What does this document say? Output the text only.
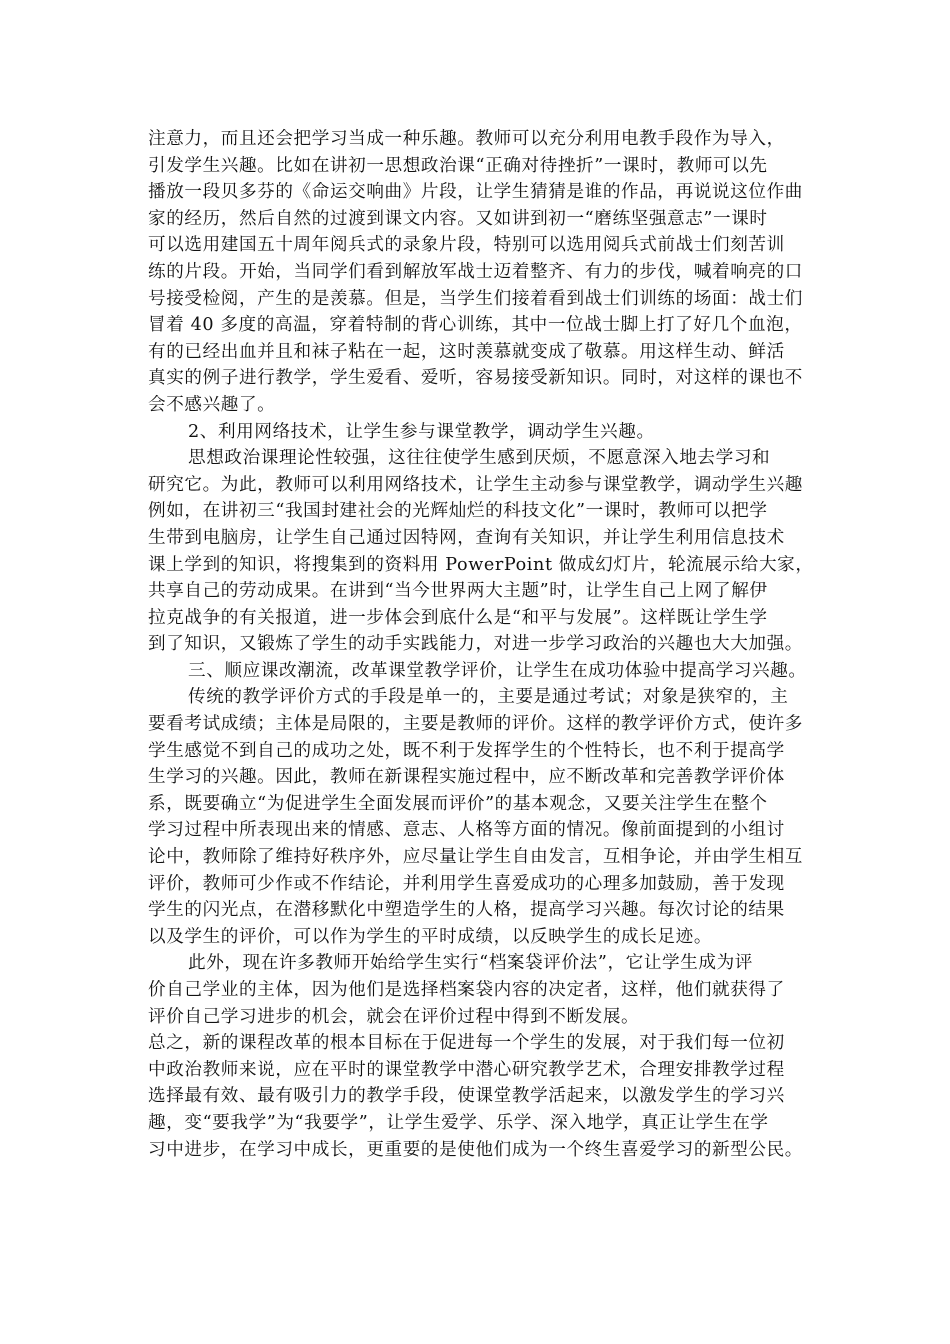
注意力，而且还会把学习当成一种乐趣。教师可以充分利用电教手段作为导入，
引发学生兴趣。比如在讲初一思想政治课“正确对待挫折”一课时，教师可以先
播放一段贝多芬的《命运交响曲》片段，让学生猜猜是谁的作品，再说说这位作曲
家的经历，然后自然的过渡到课文内容。又如讲到初一“磨练坚强意志”一课时
可以选用建国五十周年阅兵式的录象片段，特别可以选用阅兵式前战士们刻苦训
练的片段。开始，当同学们看到解放军战士迈着整齐、有力的步伐，喊着响亮的口
号接受检阅，产生的是羡慕。但是，当学生们接着看到战士们训练的场面：战士们
冒着 40 多度的高温，穿着特制的背心训练，其中一位战士脚上打了好几个血泡，
有的已经出血并且和袜子粘在一起，这时羡慕就变成了敬慕。用这样生动、鲜活
真实的例子进行教学，学生爱看、爱听，容易接受新知识。同时，对这样的课也不
会不感兴趣了。
2、利用网络技术，让学生参与课堂教学，调动学生兴趣。
思想政治课理论性较强，这往往使学生感到厌烦，不愿意深入地去学习和
研究它。为此，教师可以利用网络技术，让学生主动参与课堂教学，调动学生兴趣
例如，在讲初三“我国封建社会的光辉灿烂的科技文化”一课时，教师可以把学
生带到电脑房，让学生自己通过因特网，查询有关知识，并让学生利用信息技术
课上学到的知识，将搜集到的资料用 PowerPoint 做成幻灯片，轮流展示给大家，
共享自己的劳动成果。在讲到“当今世界两大主题”时，让学生自己上网了解伊
拉克战争的有关报道，进一步体会到底什么是“和平与发展”。这样既让学生学
到了知识，又锻炼了学生的动手实践能力，对进一步学习政治的兴趣也大大加强。
三、顺应课改潮流，改革课堂教学评价，让学生在成功体验中提高学习兴趣。
传统的教学评价方式的手段是单一的，主要是通过考试；对象是狭窄的，主
要看考试成绩；主体是局限的，主要是教师的评价。这样的教学评价方式，使许多
学生感觉不到自己的成功之处，既不利于发挥学生的个性特长，也不利于提高学
生学习的兴趣。因此，教师在新课程实施过程中，应不断改革和完善教学评价体
系，既要确立“为促进学生全面发展而评价”的基本观念，又要关注学生在整个
学习过程中所表现出来的情感、意志、人格等方面的情况。像前面提到的小组讨
论中，教师除了维持好秩序外，应尽量让学生自由发言，互相争论，并由学生相互
评价，教师可少作或不作结论，并利用学生喜爱成功的心理多加鼓励，善于发现
学生的闪光点，在潜移默化中塑造学生的人格，提高学习兴趣。每次讨论的结果
以及学生的评价，可以作为学生的平时成绩，以反映学生的成长足迹。
此外，现在许多教师开始给学生实行“档案袋评价法”，它让学生成为评
价自己学业的主体，因为他们是选择档案袋内容的决定者，这样，他们就获得了
评价自己学习进步的机会，就会在评价过程中得到不断发展。
总之，新的课程改革的根本目标在于促进每一个学生的发展，对于我们每一位初
中政治教师来说，应在平时的课堂教学中潜心研究教学艺术，合理安排教学过程
选择最有效、最有吸引力的教学手段，使课堂教学活起来，以激发学生的学习兴
趣，变“要我学”为“我要学”，让学生爱学、乐学、深入地学，真正让学生在学
习中进步，在学习中成长，更重要的是使他们成为一个终生喜爱学习的新型公民。
